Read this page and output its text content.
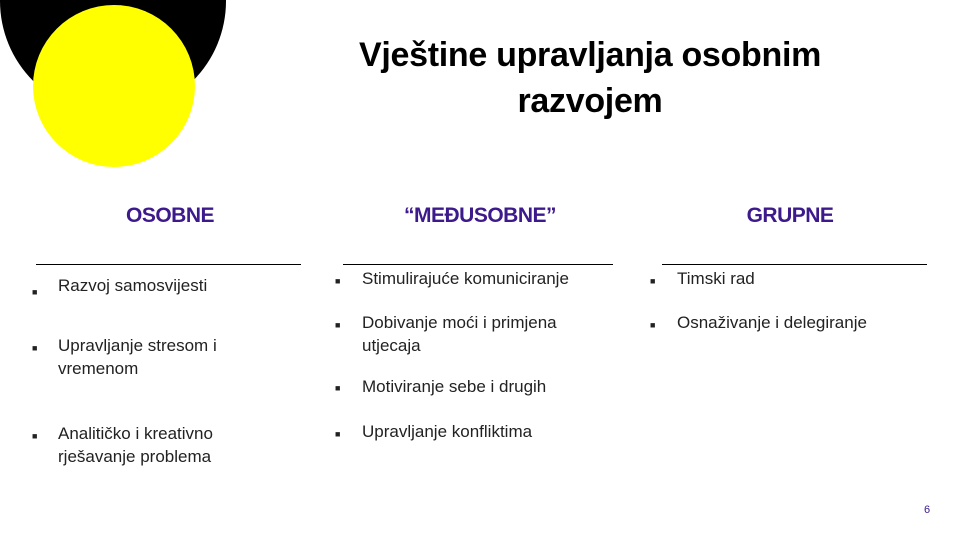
Vještine upravljanja osobnim razvojem
OSOBNE
■ Razvoj samosvijesti

■ Upravljanje stresom i vremenom

■ Analitičko i kreativno rješavanje problema

“MEĐUSOBNE”
■ Stimulirajuće komuniciranje

■ Dobivanje moći i primjena utjecaja

■ Motiviranje sebe i drugih

■ Upravljanje konfliktima

GRUPNE
■ Timski rad

■ Osnaživanje i delegiranje

6
